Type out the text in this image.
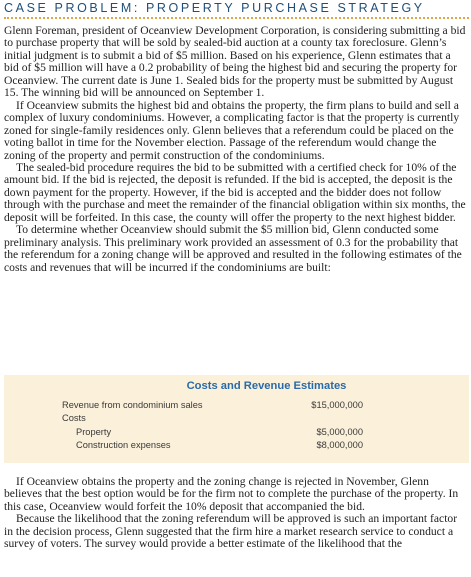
CASE PROBLEM: PROPERTY PURCHASE STRATEGY

Glenn Foreman, president of Oceanview Development Corporation, is considering submitting a bid to purchase property that will be sold by sealed-bid auction at a county tax foreclosure. Glenn’s initial judgment is to submit a bid of $5 million. Based on his experience, Glenn estimates that a bid of $5 million will have a 0.2 probability of being the highest bid and securing the property for Oceanview. The current date is June 1. Sealed bids for the property must be submitted by August 15. The winning bid will be announced on September 1.

If Oceanview submits the highest bid and obtains the property, the firm plans to build and sell a complex of luxury condominiums. However, a complicating factor is that the property is currently zoned for single-family residences only. Glenn believes that a referendum could be placed on the voting ballot in time for the November election. Passage of the referendum would change the zoning of the property and permit construction of the condominiums.

The sealed-bid procedure requires the bid to be submitted with a certified check for 10% of the amount bid. If the bid is rejected, the deposit is refunded. If the bid is accepted, the deposit is the down payment for the property. However, if the bid is accepted and the bidder does not follow through with the purchase and meet the remainder of the financial obligation within six months, the deposit will be forfeited. In this case, the county will offer the property to the next highest bidder.

To determine whether Oceanview should submit the $5 million bid, Glenn conducted some preliminary analysis. This preliminary work provided an assessment of 0.3 for the probability that the referendum for a zoning change will be approved and resulted in the following estimates of the costs and revenues that will be incurred if the condominiums are built:

Costs and Revenue Estimates
Revenue from condominium sales	$15,000,000
Costs
Property	$5,000,000
Construction expenses	$8,000,000

If Oceanview obtains the property and the zoning change is rejected in November, Glenn believes that the best option would be for the firm not to complete the purchase of the property. In this case, Oceanview would forfeit the 10% deposit that accompanied the bid.

Because the likelihood that the zoning referendum will be approved is such an important factor in the decision process, Glenn suggested that the firm hire a market research service to conduct a survey of voters. The survey would provide a better estimate of the likelihood that the
